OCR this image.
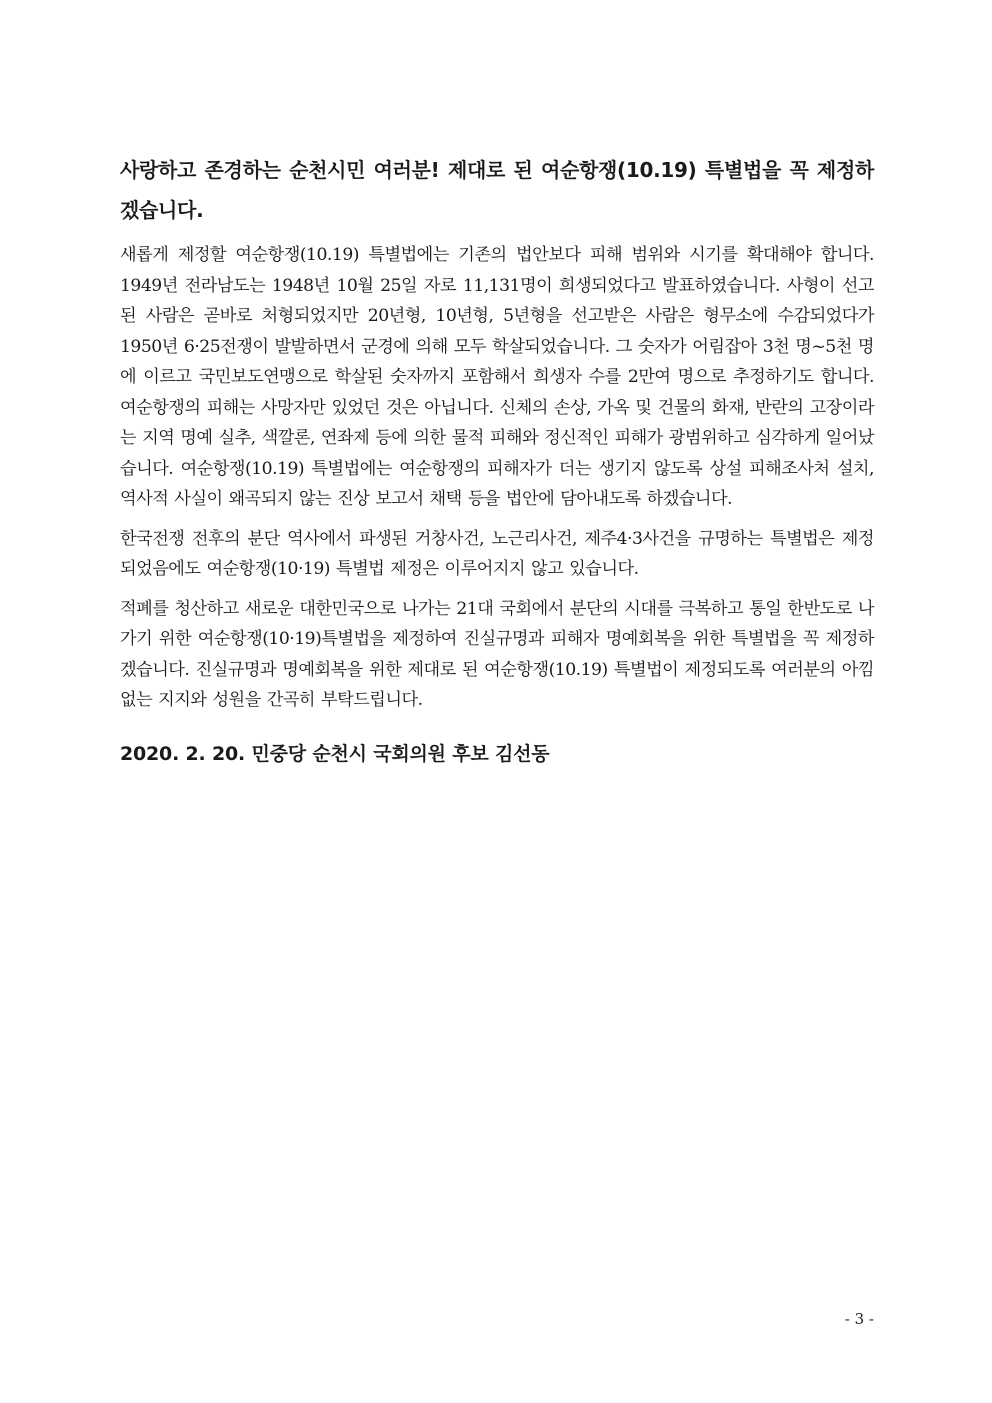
사랑하고 존경하는 순천시민 여러분! 제대로 된 여순항쟁(10.19) 특별법을 꼭 제정하겠습니다.

새롭게 제정할 여순항쟁(10.19) 특별법에는 기존의 법안보다 피해 범위와 시기를 확대해야 합니다. 1949년 전라남도는 1948년 10월 25일 자로 11,131명이 희생되었다고 발표하였습니다. 사형이 선고된 사람은 곧바로 처형되었지만 20년형, 10년형, 5년형을 선고받은 사람은 형무소에 수감되었다가 1950년 6·25전쟁이 발발하면서 군경에 의해 모두 학살되었습니다. 그 숫자가 어림잡아 3천 명~5천 명에 이르고 국민보도연맹으로 학살된 숫자까지 포함해서 희생자 수를 2만여 명으로 추정하기도 합니다. 여순항쟁의 피해는 사망자만 있었던 것은 아닙니다. 신체의 손상, 가옥 및 건물의 화재, 반란의 고장이라는 지역 명예 실추, 색깔론, 연좌제 등에 의한 물적 피해와 정신적인 피해가 광범위하고 심각하게 일어났습니다. 여순항쟁(10.19) 특별법에는 여순항쟁의 피해자가 더는 생기지 않도록 상설 피해조사처 설치, 역사적 사실이 왜곡되지 않는 진상 보고서 채택 등을 법안에 담아내도록 하겠습니다.

한국전쟁 전후의 분단 역사에서 파생된 거창사건, 노근리사건, 제주4·3사건을 규명하는 특별법은 제정되었음에도 여순항쟁(10·19) 특별법 제정은 이루어지지 않고 있습니다.

적폐를 청산하고 새로운 대한민국으로 나가는 21대 국회에서 분단의 시대를 극복하고 통일 한반도로 나가기 위한 여순항쟁(10·19)특별법을 제정하여 진실규명과 피해자 명예회복을 위한 특별법을 꼭 제정하겠습니다. 진실규명과 명예회복을 위한 제대로 된 여순항쟁(10.19) 특별법이 제정되도록 여러분의 아낌없는 지지와 성원을 간곡히 부탁드립니다.

2020. 2. 20. 민중당 순천시 국회의원 후보 김선동
- 3 -
